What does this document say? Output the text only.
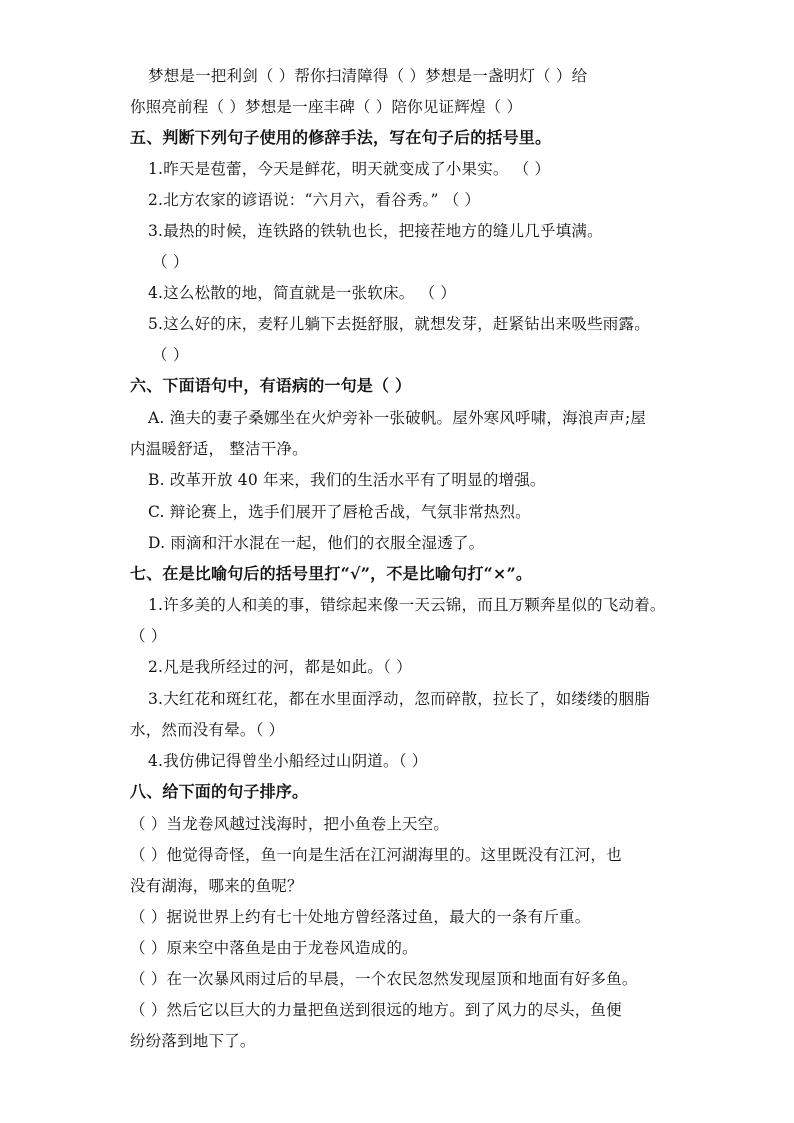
梦想是一把利剑（ ）帮你扫清障得（ ）梦想是一盏明灯（ ）给
你照亮前程（ ）梦想是一座丰碑（ ）陪你见证辉煌（ ）
五、判断下列句子使用的修辞手法，写在句子后的括号里。
1.昨天是苞蕾，今天是鲜花，明天就变成了小果实。 （ ）
2.北方农家的谚语说：“六月六，看谷秀。” （ ）
3.最热的时候，连铁路的铁轨也长，把接茬地方的缝儿几乎填满。
（ ）
4.这么松散的地，简直就是一张软床。 （ ）
5.这么好的床，麦籽儿躺下去挺舒服，就想发芽，赶紧钻出来吸些雨露。
（ ）
六、下面语句中，有语病的一句是（ ）
A. 渔夫的妻子桑娜坐在火炉旁补一张破帆。屋外寒风呼啸，海浪声声;屋
内温暖舒适， 整洁干净。
B. 改革开放 40 年来，我们的生活水平有了明显的增强。
C. 辩论赛上，选手们展开了唇枪舌战，气氛非常热烈。
D. 雨滴和汗水混在一起，他们的衣服全湿透了。
七、在是比喻句后的括号里打“√”，不是比喻句打“×”。
1.许多美的人和美的事，错综起来像一天云锦，而且万颗奔星似的飞动着。
（ ）
2.凡是我所经过的河，都是如此。（ ）
3.大红花和斑红花，都在水里面浮动，忽而碎散，拉长了，如缕缕的胭脂
水，然而没有晕。（ ）
4.我仿佛记得曾坐小船经过山阴道。（ ）
八、给下面的句子排序。
（ ）当龙卷风越过浅海时，把小鱼卷上天空。
（ ）他觉得奇怪，鱼一向是生活在江河湖海里的。这里既没有江河，也
没有湖海，哪来的鱼呢？
（ ）据说世界上约有七十处地方曾经落过鱼，最大的一条有斤重。
（ ）原来空中落鱼是由于龙卷风造成的。
（ ）在一次暴风雨过后的早晨，一个农民忽然发现屋顶和地面有好多鱼。
（ ）然后它以巨大的力量把鱼送到很远的地方。到了风力的尽头，鱼便
纷纷落到地下了。
